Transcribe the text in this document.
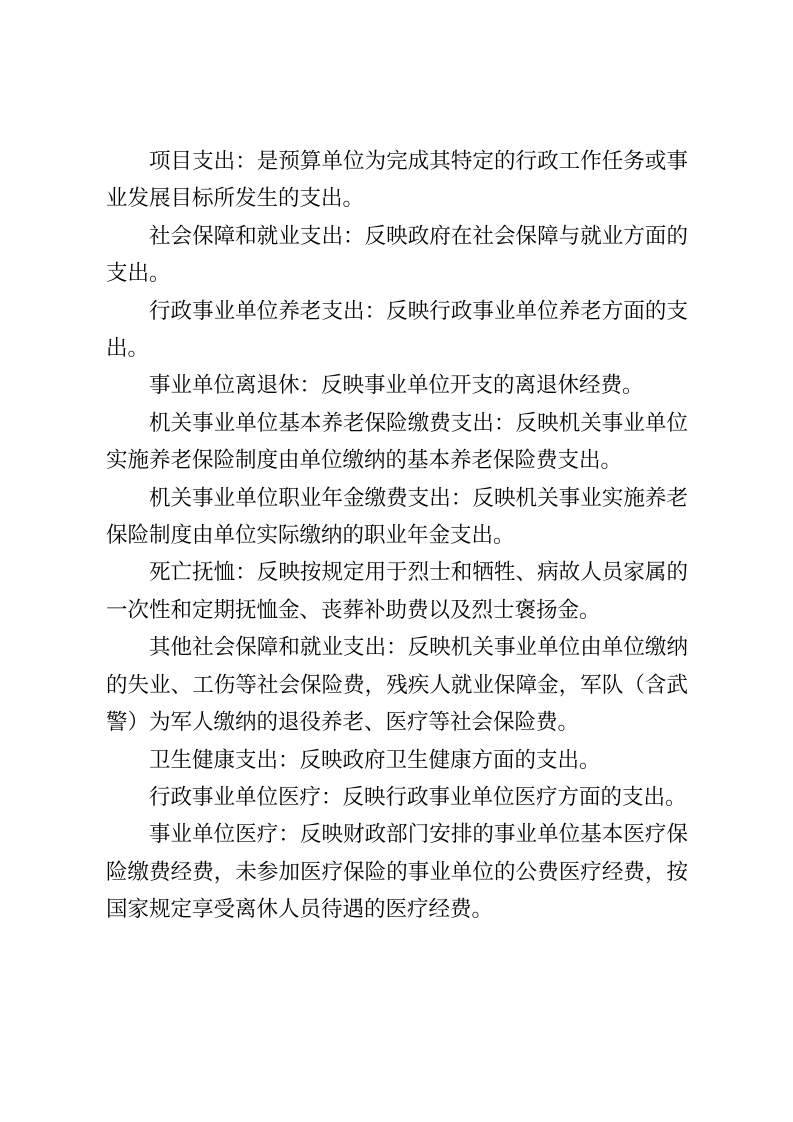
项目支出：是预算单位为完成其特定的行政工作任务或事业发展目标所发生的支出。

社会保障和就业支出：反映政府在社会保障与就业方面的支出。

行政事业单位养老支出：反映行政事业单位养老方面的支出。

事业单位离退休：反映事业单位开支的离退休经费。

机关事业单位基本养老保险缴费支出：反映机关事业单位实施养老保险制度由单位缴纳的基本养老保险费支出。

机关事业单位职业年金缴费支出：反映机关事业实施养老保险制度由单位实际缴纳的职业年金支出。

死亡抚恤：反映按规定用于烈士和牺牲、病故人员家属的一次性和定期抚恤金、丧葬补助费以及烈士褒扬金。

其他社会保障和就业支出：反映机关事业单位由单位缴纳的失业、工伤等社会保险费，残疾人就业保障金，军队（含武警）为军人缴纳的退役养老、医疗等社会保险费。

卫生健康支出：反映政府卫生健康方面的支出。

行政事业单位医疗：反映行政事业单位医疗方面的支出。

事业单位医疗：反映财政部门安排的事业单位基本医疗保险缴费经费，未参加医疗保险的事业单位的公费医疗经费，按国家规定享受离休人员待遇的医疗经费。
